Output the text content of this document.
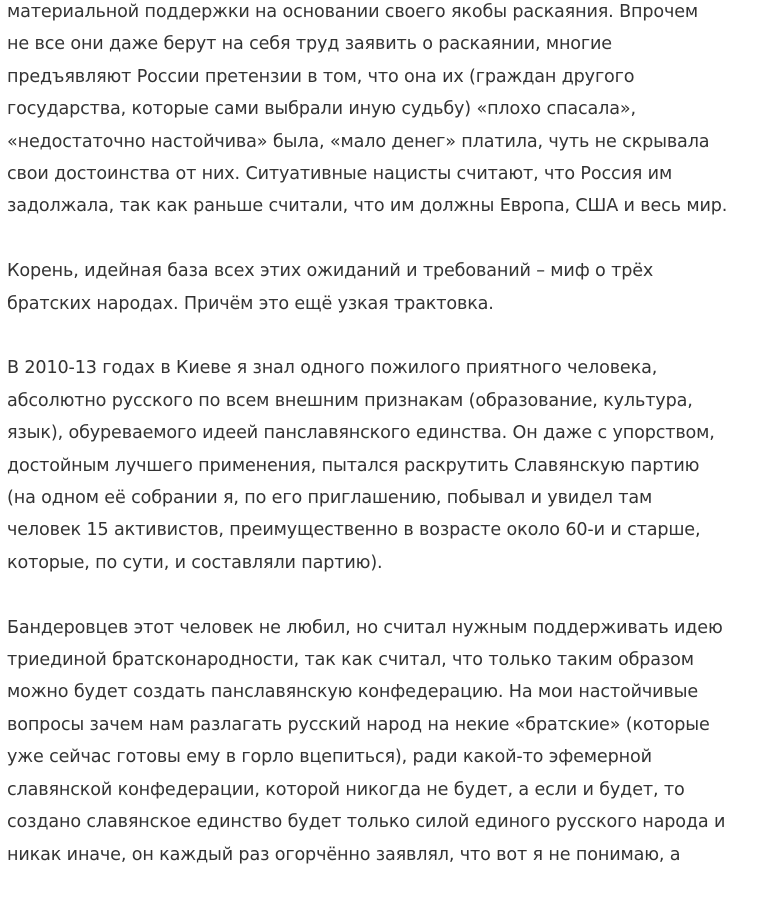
материальной поддержки на основании своего якобы раскаяния. Впрочем
не все они даже берут на себя труд заявить о раскаянии, многие
предъявляют России претензии в том, что она их (граждан другого
государства, которые сами выбрали иную судьбу) «плохо спасала»,
«недостаточно настойчива» была, «мало денег» платила, чуть не скрывала
свои достоинства от них. Ситуативные нацисты считают, что Россия им
задолжала, так как раньше считали, что им должны Европа, США и весь мир.

Корень, идейная база всех этих ожиданий и требований – миф о трёх
братских народах. Причём это ещё узкая трактовка.

В 2010-13 годах в Киеве я знал одного пожилого приятного человека,
абсолютно русского по всем внешним признакам (образование, культура,
язык), обуреваемого идеей панславянского единства. Он даже с упорством,
достойным лучшего применения, пытался раскрутить Славянскую партию
(на одном её собрании я, по его приглашению, побывал и увидел там
человек 15 активистов, преимущественно в возрасте около 60-и и старше,
которые, по сути, и составляли партию).

Бандеровцев этот человек не любил, но считал нужным поддерживать идею
триединой братсконародности, так как считал, что только таким образом
можно будет создать панславянскую конфедерацию. На мои настойчивые
вопросы зачем нам разлагать русский народ на некие «братские» (которые
уже сейчас готовы ему в горло вцепиться), ради какой-то эфемерной
славянской конфедерации, которой никогда не будет, а если и будет, то
создано славянское единство будет только силой единого русского народа и
никак иначе, он каждый раз огорчённо заявлял, что вот я не понимаю, а
